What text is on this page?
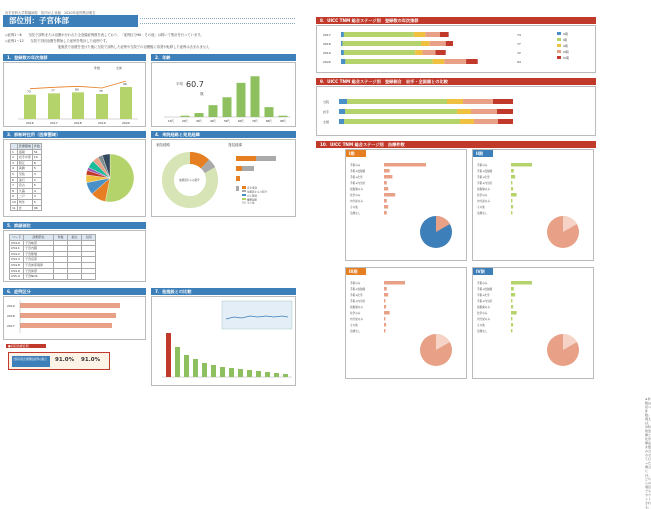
岩手医科大学附属病院　院内がん登録　2020年症例集計報告
部位別：子宮体部
◇症例1〜6　　当院で診断または治療が行われた全登録症例数を表しており、「症例区分90：その他」は除いて集計を行っています。
◇症例1〜12　　当院で初回治療を開始した症例を集計した症例です。
　　　　　　　　　　　　　　　　他施設で治療を受けた後に当院で診断した症例や当院での治療後に再発や転移した症例は含まれません
1．登録数の年次推移
73
2016
77
2017
80
2018
75
2019
96
2020
件数	全体
2．年齢
10代	20代	30代	40代	50代	60代	70代	80代	90代
平均 60.7
歳
3．診断時住所（医療圏域）
	医療圏域	件数
1	盛岡	51
2	岩手中部	10
3	胆江	8
4	両磐	5
5	気仙	3
6	釜石	2
7	宮古	5
8	久慈	4
9	二戸	3
10	県外	5
11	計	96
4．来院経路と発見経緯
来院経路	発見経緯
他施設からの紹介
自主受診
他施設からの紹介
がん検診
健康診断
その他
5．詳細部位
コード	詳細部位	件数	割合	全国
C54.0	子宮峡部			
C54.1	子宮内膜			
C54.2	子宮筋層			
C54.3	子宮底部			
C54.8	子宮体部境界			
C54.9	子宮体部			
C55.9	子宮NOS			
6．症例区分
2019
2018
2017
●初回治療症例
当院初回治療開始症例の割合	91.0% 91.0%
7．他施設との比較
8．UICC TNM 総合ステージ別　登録数の年次推移
2017	74
2018	77
2019	72
2020	94
0期
I期
II期
III期
IV期
9．UICC TNM 総合ステージ別　登録割合　岩手・全国値との比較
当院
岩手
全国
10．UICC TNM 総合ステージ別　治療件数
I期
手術のみ
手術+放射線
手術+化学
手術+内分泌
放射線のみ
化学のみ
内分泌のみ
その他
治療なし
II期
手術のみ
手術+放射線
手術+化学
手術+内分泌
放射線のみ
化学のみ
内分泌のみ
その他
治療なし
III期
手術のみ
手術+放射線
手術+化学
手術+内分泌
放射線のみ
化学のみ
内分泌のみ
その他
治療なし
IV期
手術のみ
手術+放射線
手術+化学
手術+内分泌
放射線のみ
化学のみ
内分泌のみ
その他
治療なし
※件数は延べ件数。例えば、外科的治療と化学療法を組み合わせて行った場合には、どちらの項目でもカウントされる。
